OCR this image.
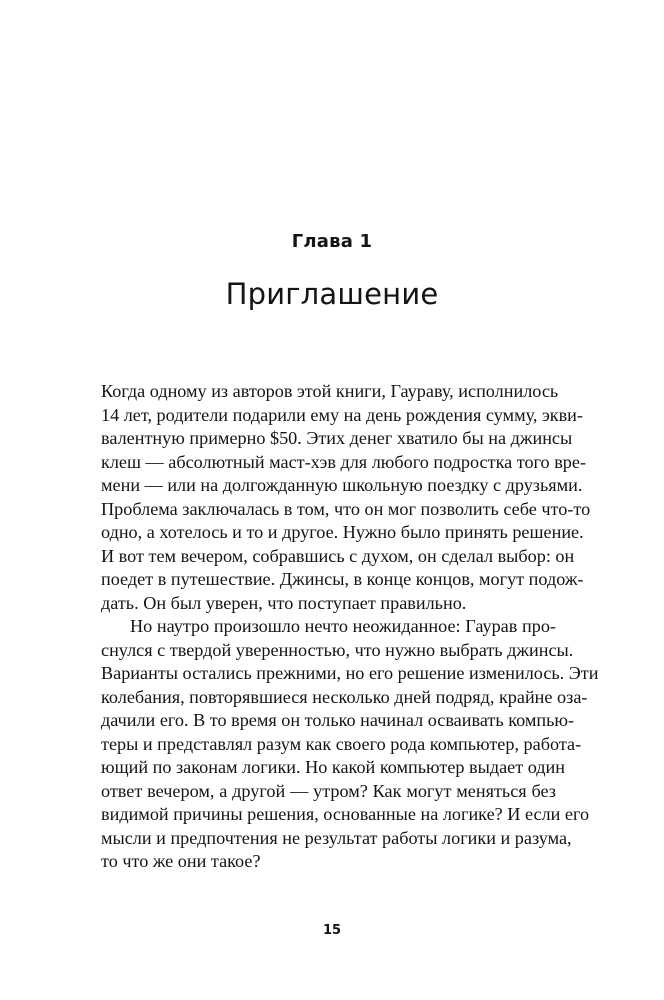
Глава 1
Приглашение
Когда одному из авторов этой книги, Гаураву, исполнилось
14 лет, родители подарили ему на день рождения сумму, экви-
валентную примерно $50. Этих денег хватило бы на джинсы
клеш — абсолютный маст-хэв для любого подростка того вре-
мени — или на долгожданную школьную поездку с друзьями.
Проблема заключалась в том, что он мог позволить себе что-то
одно, а хотелось и то и другое. Нужно было принять решение.
И вот тем вечером, собравшись с духом, он сделал выбор: он
поедет в путешествие. Джинсы, в конце концов, могут подож-
дать. Он был уверен, что поступает правильно.
Но наутро произошло нечто неожиданное: Гаурав про-
снулся с твердой уверенностью, что нужно выбрать джинсы.
Варианты остались прежними, но его решение изменилось. Эти
колебания, повторявшиеся несколько дней подряд, крайне оза-
дачили его. В то время он только начинал осваивать компью-
теры и представлял разум как своего рода компьютер, работа-
ющий по законам логики. Но какой компьютер выдает один
ответ вечером, а другой — утром? Как могут меняться без
видимой причины решения, основанные на логике? И если его
мысли и предпочтения не результат работы логики и разума,
то что же они такое?
15
